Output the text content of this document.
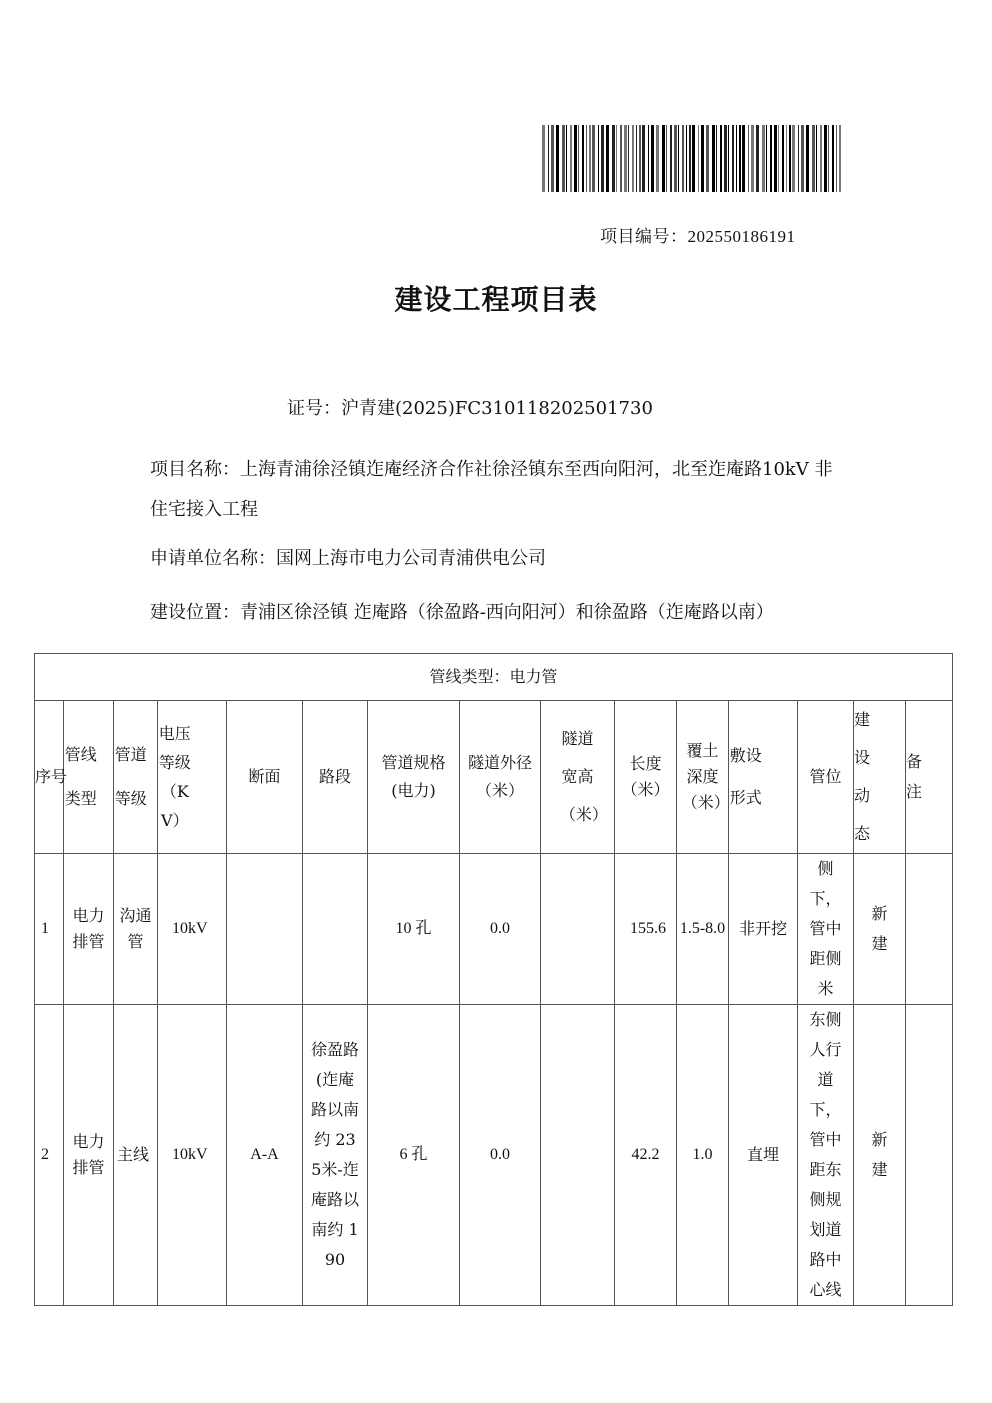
项目编号：202550186191
建设工程项目表
证号：沪青建(2025)FC310118202501730
项目名称：上海青浦徐泾镇迮庵经济合作社徐泾镇东至西向阳河，北至迮庵路10kV 非住宅接入工程
申请单位名称：国网上海市电力公司青浦供电公司
建设位置：青浦区徐泾镇 迮庵路（徐盈路-西向阳河）和徐盈路（迮庵路以南）
管线类型：电力管														

序号	管线类型	管道等级	电压等级（KV）	断面	路段	管道规格(电力)	隧道外径（米）	隧道宽高（米）	长度（米）	覆土深度（米）	敷设形式	管位	建设动态	备注

1	电力排管	沟通管	10kV			10 孔	0.0		155.6	1.5-8.0	非开挖	侧下，管中距侧米	新建	
2	电力排管	主线	10kV	A-A	徐盈路(迮庵路以南约 235米-迮庵路以南约 190	6 孔	0.0		42.2	1.0	直埋	东侧人行道下，管中距东侧规划道路中心线	新建	
